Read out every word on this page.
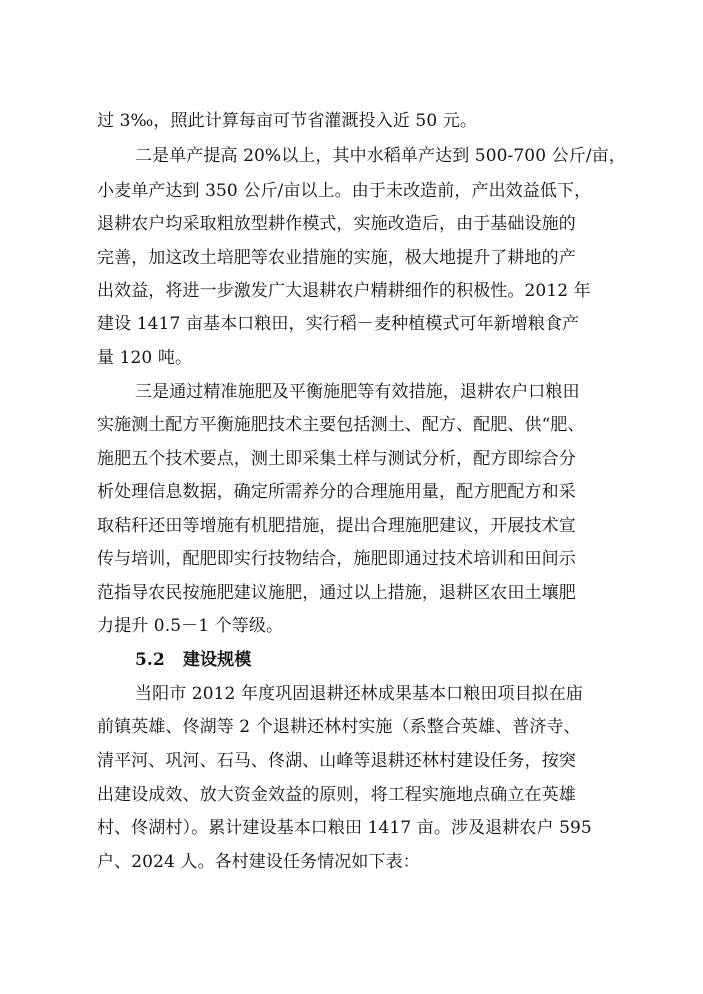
过 3‰，照此计算每亩可节省灌溉投入近 50 元。
二是单产提高 20%以上，其中水稻单产达到 500-700 公斤/亩，
小麦单产达到 350 公斤/亩以上。由于未改造前，产出效益低下，
退耕农户均采取粗放型耕作模式，实施改造后，由于基础设施的
完善，加这改土培肥等农业措施的实施，极大地提升了耕地的产
出效益，将进一步激发广大退耕农户精耕细作的积极性。2012 年
建设 1417 亩基本口粮田，实行稻－麦种植模式可年新增粮食产
量 120 吨。
三是通过精准施肥及平衡施肥等有效措施，退耕农户口粮田
实施测土配方平衡施肥技术主要包括测土、配方、配肥、供“肥、
施肥五个技术要点，测土即采集土样与测试分析，配方即综合分
析处理信息数据，确定所需养分的合理施用量，配方肥配方和采
取秸秆还田等增施有机肥措施，提出合理施肥建议，开展技术宣
传与培训，配肥即实行技物结合，施肥即通过技术培训和田间示
范指导农民按施肥建议施肥，通过以上措施，退耕区农田土壤肥
力提升 0.5－1 个等级。
5.2 建设规模
当阳市 2012 年度巩固退耕还林成果基本口粮田项目拟在庙
前镇英雄、佟湖等 2 个退耕还林村实施（系整合英雄、普济寺、
清平河、巩河、石马、佟湖、山峰等退耕还林村建设任务，按突
出建设成效、放大资金效益的原则，将工程实施地点确立在英雄
村、佟湖村）。累计建设基本口粮田 1417 亩。涉及退耕农户 595
户、2024 人。各村建设任务情况如下表：
